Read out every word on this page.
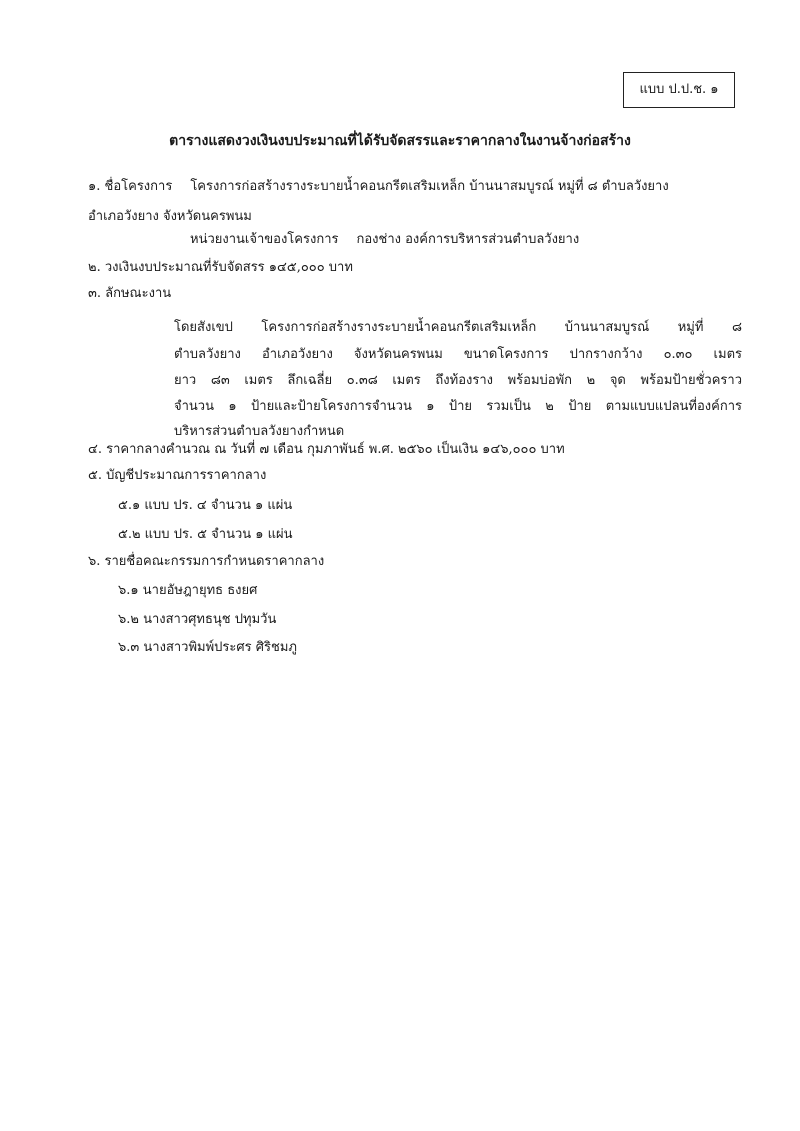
แบบ ป.ป.ช. ๑
ตารางแสดงวงเงินงบประมาณที่ได้รับจัดสรรและราคากลางในงานจ้างก่อสร้าง
๑. ชื่อโครงการ โครงการก่อสร้างรางระบายน้ำคอนกรีตเสริมเหล็ก บ้านนาสมบูรณ์ หมู่ที่ ๘ ตำบลวังยาง
อำเภอวังยาง จังหวัดนครพนม
หน่วยงานเจ้าของโครงการ กองช่าง องค์การบริหารส่วนตำบลวังยาง
๒. วงเงินงบประมาณที่รับจัดสรร ๑๔๕,๐๐๐ บาท
๓. ลักษณะงาน
โดยสังเขป โครงการก่อสร้างรางระบายน้ำคอนกรีตเสริมเหล็ก บ้านนาสมบูรณ์ หมู่ที่ ๘
ตำบลวังยาง อำเภอวังยาง จังหวัดนครพนม ขนาดโครงการ ปากรางกว้าง ๐.๓๐ เมตร
ยาว ๘๓ เมตร ลึกเฉลี่ย ๐.๓๘ เมตร ถึงท้องราง พร้อมบ่อพัก ๒ จุด พร้อมป้ายชั่วคราว
จำนวน ๑ ป้ายและป้ายโครงการจำนวน ๑ ป้าย รวมเป็น ๒ ป้าย ตามแบบแปลนที่องค์การ
บริหารส่วนตำบลวังยางกำหนด
๔. ราคากลางคำนวณ ณ วันที่ ๗ เดือน กุมภาพันธ์ พ.ศ. ๒๕๖๐ เป็นเงิน ๑๔๖,๐๐๐ บาท
๕. บัญชีประมาณการราคากลาง
๕.๑ แบบ ปร. ๔ จำนวน ๑ แผ่น
๕.๒ แบบ ปร. ๕ จำนวน ๑ แผ่น
๖. รายชื่อคณะกรรมการกำหนดราคากลาง
๖.๑ นายอัษฎายุทธ ธงยศ
๖.๒ นางสาวศุทธนุช ปทุมวัน
๖.๓ นางสาวพิมพ์ประศร ศิริชมภู
